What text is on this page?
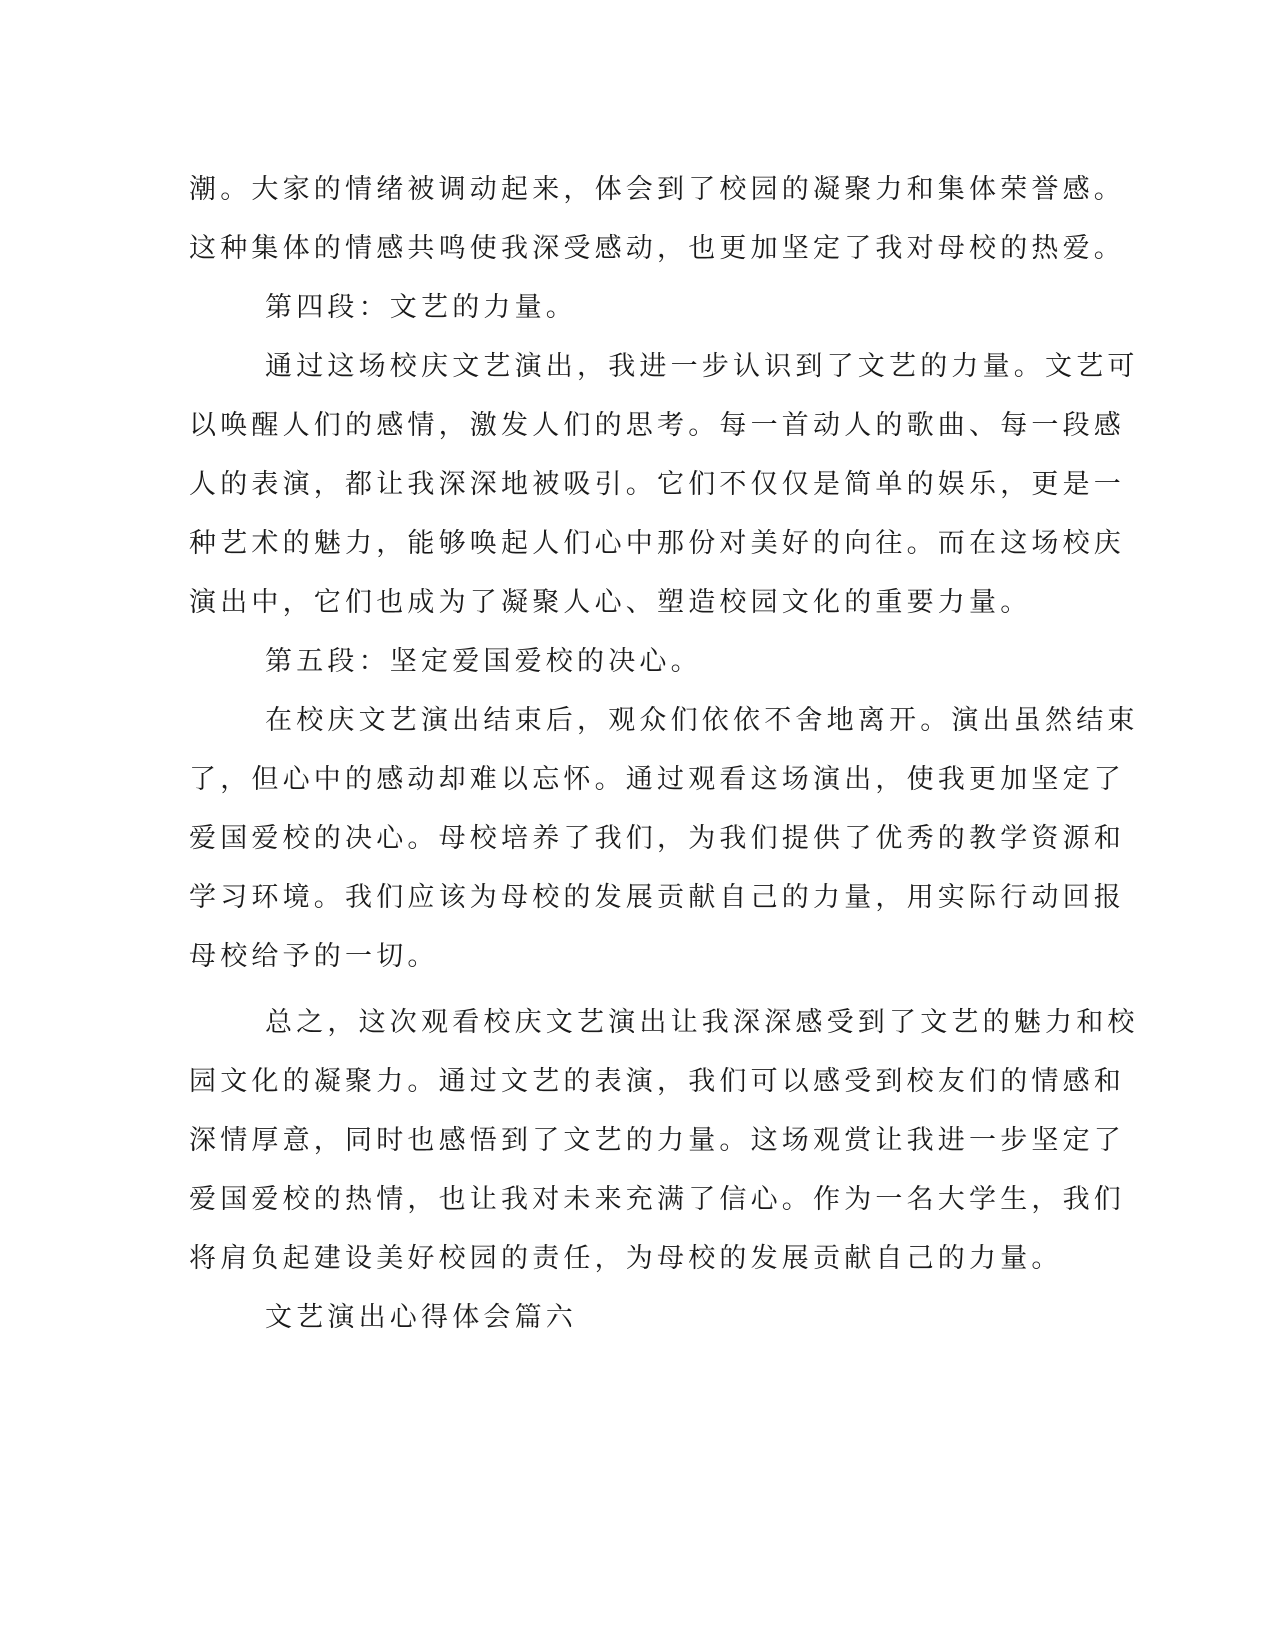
潮。大家的情绪被调动起来，体会到了校园的凝聚力和集体荣誉感。
这种集体的情感共鸣使我深受感动，也更加坚定了我对母校的热爱。
第四段：文艺的力量。
通过这场校庆文艺演出，我进一步认识到了文艺的力量。文艺可
以唤醒人们的感情，激发人们的思考。每一首动人的歌曲、每一段感
人的表演，都让我深深地被吸引。它们不仅仅是简单的娱乐，更是一
种艺术的魅力，能够唤起人们心中那份对美好的向往。而在这场校庆
演出中，它们也成为了凝聚人心、塑造校园文化的重要力量。
第五段：坚定爱国爱校的决心。
在校庆文艺演出结束后，观众们依依不舍地离开。演出虽然结束
了，但心中的感动却难以忘怀。通过观看这场演出，使我更加坚定了
爱国爱校的决心。母校培养了我们，为我们提供了优秀的教学资源和
学习环境。我们应该为母校的发展贡献自己的力量，用实际行动回报
母校给予的一切。
总之，这次观看校庆文艺演出让我深深感受到了文艺的魅力和校
园文化的凝聚力。通过文艺的表演，我们可以感受到校友们的情感和
深情厚意，同时也感悟到了文艺的力量。这场观赏让我进一步坚定了
爱国爱校的热情，也让我对未来充满了信心。作为一名大学生，我们
将肩负起建设美好校园的责任，为母校的发展贡献自己的力量。
文艺演出心得体会篇六
